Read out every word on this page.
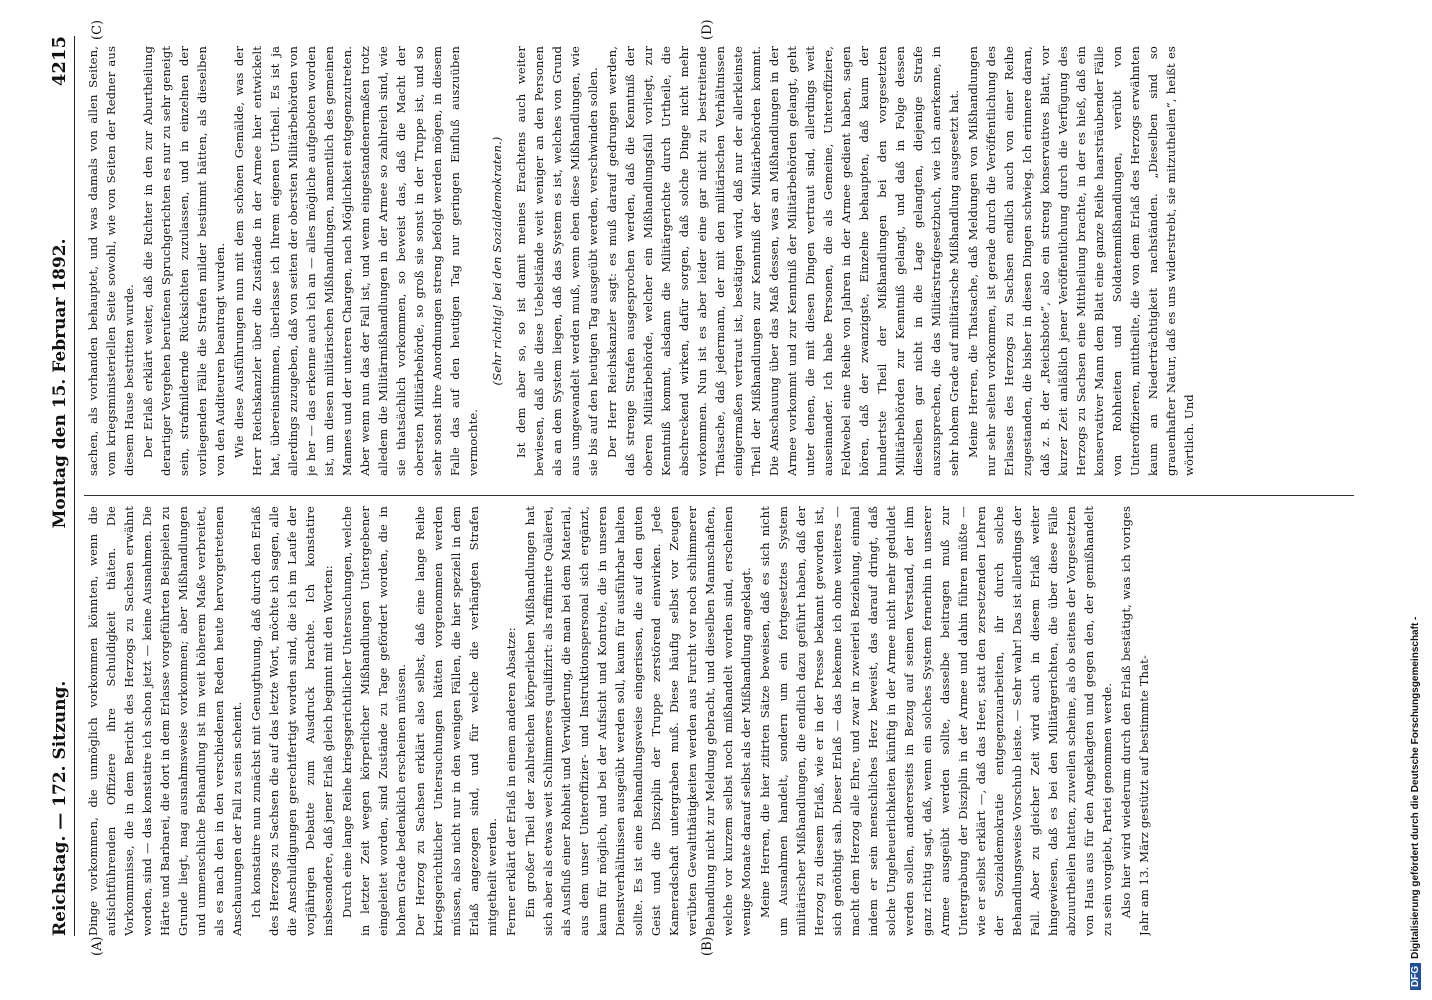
Reichstag. — 172. Sitzung.
Montag den 15. Februar 1892.
4215
(A)	(B)
(C)	(D)

Dinge vorkommen, die unmöglich vorkommen könnten, wenn die aufsichtführenden Offiziere ihre Schuldigkeit thäten. Die Vorkommnisse, die in dem Bericht des Herzogs zu Sachsen erwähnt worden, sind — das konstatire ich schon jetzt — keine Ausnahmen. Die Härte und Barbarei, die dort in dem Erlasse vorgeführten Beispielen zu Grunde liegt, mag ausnahmsweise vorkommen; aber Mißhandlungen und unmenschliche Behandlung ist im weit höherem Maße verbreitet, als es nach den in den verschiedenen Reden heute hervorgetretenen Anschauungen der Fall zu sein scheint. Ich konstatire nun zunächst mit Genugthuung, daß durch den Erlaß des Herzogs zu Sachsen die auf das letzte Wort, möchte ich sagen, alle die Anschuldigungen gerechtfertigt worden sind, die ich im Laufe der vorjährigen Debatte zum Ausdruck brachte. Ich konstatire insbesondere, daß jener Erlaß gleich beginnt mit den Worten: Durch eine lange Reihe kriegsgerichtlicher Untersuchungen, welche in letzter Zeit wegen körperlicher Mißhandlungen Untergebener eingeleitet worden, sind Zustände zu Tage gefördert worden, die in hohem Grade bedenklich erscheinen müssen. Der Herzog zu Sachsen erklärt also selbst, daß eine lange Reihe kriegsgerichtlicher Untersuchungen hätten vorgenommen werden müssen, also nicht nur in den wenigen Fällen, die hier speziell in dem Erlaß angezogen sind, und für welche die verhängten Strafen mitgetheilt werden. Ferner erklärt der Erlaß in einem anderen Absatze: Ein großer Theil der zahlreichen körperlichen Mißhandlungen hat sich aber als etwas weit Schlimmeres qualifizirt: als raffinirte Quälerei, als Ausfluß einer Rohheit und Verwilderung, die man bei dem Material, aus dem unser Unteroffizier- und Instruktionspersonal sich ergänzt, kaum für möglich, und bei der Aufsicht und Kontrole, die in unseren Dienstverhältnissen ausgeübt werden soll, kaum für ausführbar halten sollte. Es ist eine Behandlungsweise eingerissen, die auf den guten Geist und die Disziplin der Truppe zerstörend einwirken. Jede Kameradschaft untergraben muß. Diese häufig selbst vor Zeugen verübten Gewaltthätigkeiten werden aus Furcht vor noch schlimmerer Behandlung nicht zur Meldung gebracht, und dieselben Mannschaften, welche vor kurzem selbst noch mißhandelt worden sind, erscheinen wenige Monate darauf selbst als der Mißhandlung angeklagt. Meine Herren, die hier zitirten Sätze beweisen, daß es sich nicht um Ausnahmen handelt, sondern um ein fortgesetztes System militärischer Mißhandlungen, die endlich dazu geführt haben, daß der Herzog zu diesem Erlaß, wie er in der Presse bekannt geworden ist, sich genöthigt sah. Dieser Erlaß — das bekenne ich ohne weiteres — macht dem Herzog alle Ehre, und zwar in zweierlei Beziehung, einmal indem er sein menschliches Herz beweist, das darauf dringt, daß solche Ungeheuerlichkeiten künftig in der Armee nicht mehr geduldet werden sollen, andererseits in Bezug auf seinen Verstand, der ihm ganz richtig sagt, daß, wenn ein solches System fernerhin in unserer Armee ausgeübt werden sollte, dasselbe beitragen muß zur Untergrabung der Disziplin in der Armee und dahin führen müßte — wie er selbst erklärt —, daß das Heer, statt den zersetzenden Lehren der Sozialdemokratie entgegenzuarbeiten, ihr durch solche Behandlungsweise Vorschub leiste. — Sehr wahr! Das ist allerdings der Fall. Aber zu gleicher Zeit wird auch in diesem Erlaß weiter hingewiesen, daß es bei den Militärgerichten, die über diese Fälle abzuurtheilen hatten, zuweilen scheine, als ob seitens der Vorgesetzten von Haus aus für den Angeklagten und gegen den, der gemißhandelt zu sein vorgiebt, Partei genommen werde. Also hier wird wiederum durch den Erlaß bestätigt, was ich voriges Jahr am 13. März gestützt auf bestimmte That-

sachen, als vorhanden behauptet, und was damals von allen Seiten, vom kriegsministeriellen Seite sowohl, wie von Seiten der Redner aus diesem Hause bestritten wurde. Der Erlaß erklärt weiter, daß die Richter in den zur Aburtheilung derartiger Vergehen berufenen Spruchgerichten es nur zu sehr geneigt sein, strafmildernde Rücksichten zuzulassen, und in einzelnen der vorliegenden Fälle die Strafen milder bestimmt hätten, als dieselben von den Auditeuren beantragt wurden. Wie diese Ausführungen nun mit dem schönen Gemälde, was der Herr Reichskanzler über die Zustände in der Armee hier entwickelt hat, übereinstimmen, überlasse ich Ihrem eigenen Urtheil. Es ist ja allerdings zuzugeben, daß von seiten der obersten Militärbehörden von je her — das erkenne auch ich an — alles mögliche aufgeboten worden ist, um diesen militärischen Mißhandlungen, namentlich des gemeinen Mannes und der unteren Chargen, nach Möglichkeit entgegenzutreten. Aber wenn nun das der Fall ist, und wenn eingestandenermaßen trotz alledem die Militärmißhandlungen in der Armee so zahlreich sind, wie sie thatsächlich vorkommen, so beweist das, daß die Macht der obersten Militärbehörde, so groß sie sonst in der Truppe ist, und so sehr sonst ihre Anordnungen streng befolgt werden mögen, in diesem Falle das auf den heutigen Tag nur geringen Einfluß auszuüben vermochte.

(Sehr richtig! bei den Sozialdemokraten.) Ist dem aber so, so ist damit meines Erachtens auch weiter bewiesen, daß alle diese Uebelstände weit weniger an den Personen als an dem System liegen, daß das System es ist, welches von Grund aus umgewandelt werden muß, wenn eben diese Mißhandlungen, wie sie bis auf den heutigen Tag ausgeübt werden, verschwinden sollen. Der Herr Reichskanzler sagt: es muß darauf gedrungen werden, daß strenge Strafen ausgesprochen werden, daß die Kenntniß der oberen Militärbehörde, welcher ein Mißhandlungsfall vorliegt, zur Kenntniß kommt, alsdann die Militärgerichte durch Urtheile, die abschreckend wirken, dafür sorgen, daß solche Dinge nicht mehr vorkommen. Nun ist es aber leider eine gar nicht zu bestreitende Thatsache, daß jedermann, der mit den militärischen Verhältnissen einigermaßen vertraut ist, bestätigen wird, daß nur der allerkleinste Theil der Mißhandlungen zur Kenntniß der Militärbehörden kommt. Die Anschauung über das Maß dessen, was an Mißhandlungen in der Armee vorkommt und zur Kenntniß der Militärbehörden gelangt, geht unter denen, die mit diesen Dingen vertraut sind, allerdings weit auseinander. Ich habe Personen, die als Gemeine, Unteroffiziere, Feldwebel eine Reihe von Jahren in der Armee gedient haben, sagen hören, daß der zwanzigste, Einzelne behaupten, daß kaum der hundertste Theil der Mißhandlungen bei den vorgesetzten Militärbehörden zur Kenntniß gelangt, und daß in Folge dessen dieselben gar nicht in die Lage gelangten, diejenige Strafe auszusprechen, die das Militärstrafgesetzbuch, wie ich anerkenne, in sehr hohem Grade auf militärische Mißhandlung ausgesetzt hat. Meine Herren, die Thatsache, daß Meldungen von Mißhandlungen nur sehr selten vorkommen, ist gerade durch die Veröffentlichung des Erlasses des Herzogs zu Sachsen endlich auch von einer Reihe zugestanden, die bisher in diesen Dingen schwieg. Ich erinnere daran, daß z. B. der „Reichsbote“, also ein streng konservatives Blatt, vor kurzer Zeit anläßlich jener Veröffentlichung durch die Verfügung des Herzogs zu Sachsen eine Mittheilung brachte, in der es hieß, daß ein konservativer Mann dem Blatt eine ganze Reihe haarsträubender Fälle von Rohheiten und Soldatenmißhandlungen, verübt von Unteroffizieren, mittheilte, die von dem Erlaß des Herzogs erwähnten kaum an Niederträchtigkeit nachständen. „Dieselben sind so grauenhafter Natur, daß es uns widerstrebt, sie mitzutheilen“, heißt es wörtlich. Und

DFGDigitalisierung gefördert durch die Deutsche Forschungsgemeinschaft -
